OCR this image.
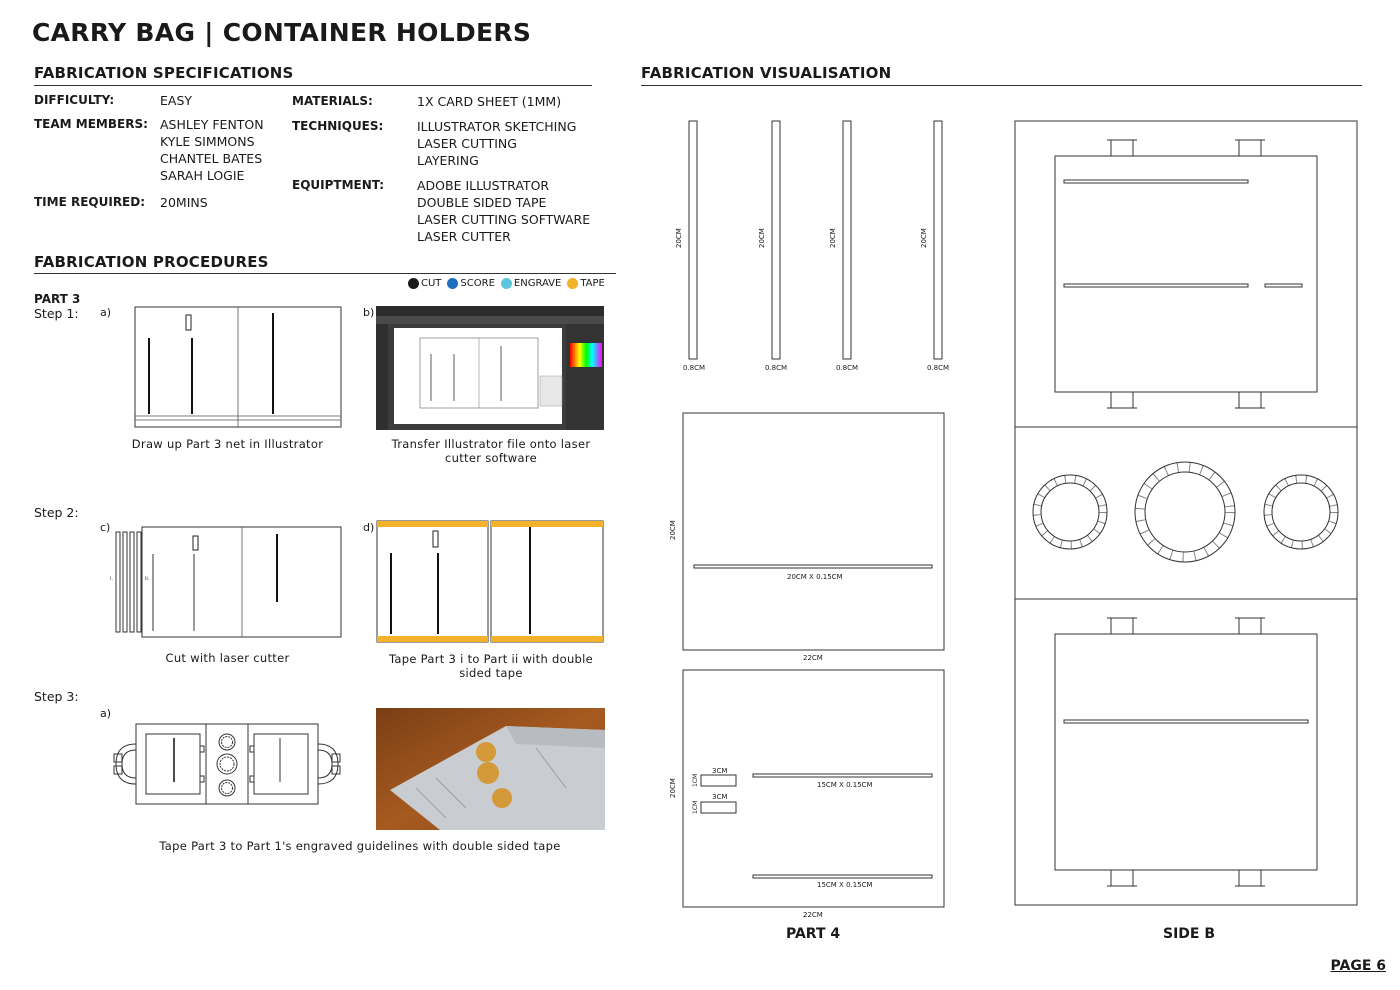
CARRY BAG | CONTAINER HOLDERS
FABRICATION SPECIFICATIONS
DIFFICULTY:	EASY
TEAM MEMBERS: ASHLEY FENTON
KYLE SIMMONS
CHANTEL BATES
SARAH LOGIE
TIME REQUIRED: 20MINS
MATERIALS:	1X CARD SHEET (1MM)
TECHNIQUES:	ILLUSTRATOR SKETCHING
LASER CUTTING
LAYERING
EQUIPTMENT:	ADOBE ILLUSTRATOR
DOUBLE SIDED TAPE
LASER CUTTING SOFTWARE
LASER CUTTER
FABRICATION PROCEDURES
CUT SCORE ENGRAVE TAPE
PART 3
Step 1: a)	b)
Draw up Part 3 net in Illustrator	Transfer Illustrator file onto laser cutter software
Step 2:
c)	d)
i.	ii.
Cut with laser cutter	Tape Part 3 i to Part ii with double sided tape
Step 3:
a)
Tape Part 3 to Part 1's engraved guidelines with double sided tape
FABRICATION VISUALISATION
20CM	20CM	20CM	20CM
0.8CM	0.8CM	0.8CM	0.8CM
20CM
20CM X 0.15CM
22CM
20CM	15CM X 0.15CM
15CM X 0.15CM
3CM
3CM
1CM
1CM
22CM
PART 4	SIDE B
PAGE 6
